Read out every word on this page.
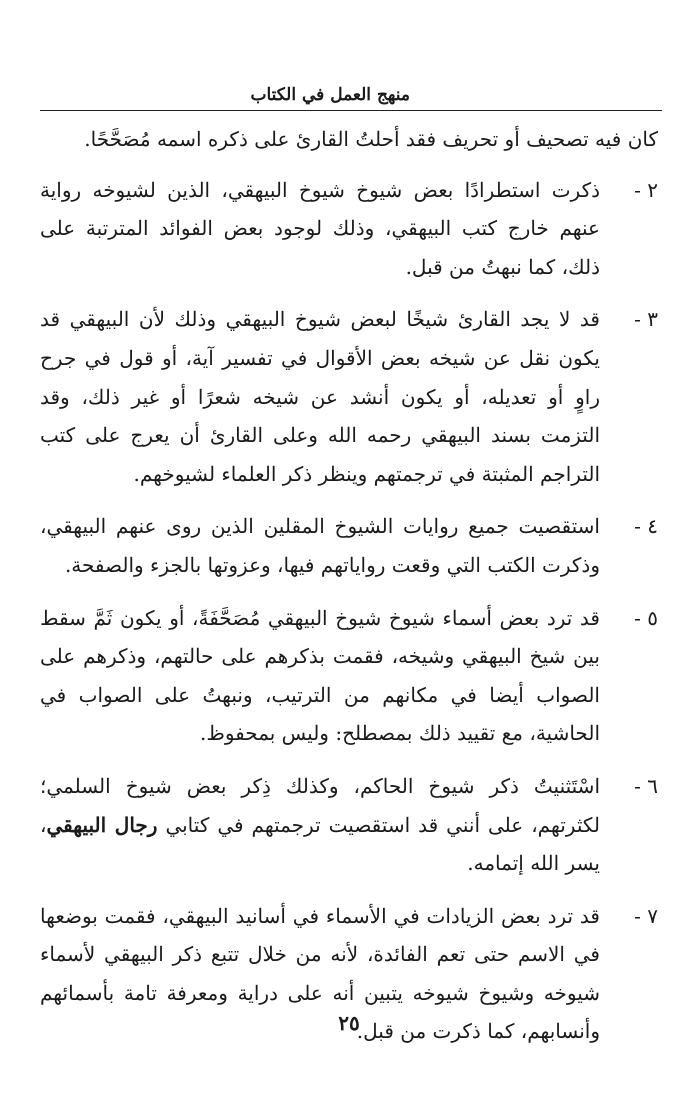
منهج العمل في الكتاب

كان فيه تصحيف أو تحريف فقد أحلتُ القارئ على ذكره اسمه مُصَحَّحًا.

٢ -
ذكرت استطرادًا بعض شيوخ شيوخ البيهقي، الذين لشيوخه رواية عنهم خارج كتب البيهقي، وذلك لوجود بعض الفوائد المترتبة على ذلك، كما نبهتُ من قبل.
٣ -
قد لا يجد القارئ شيخًا لبعض شيوخ البيهقي وذلك لأن البيهقي قد يكون نقل عن شيخه بعض الأقوال في تفسير آية، أو قول في جرح راوٍ أو تعديله، أو يكون أنشد عن شيخه شعرًا أو غير ذلك، وقد التزمت بسند البيهقي رحمه الله وعلى القارئ أن يعرج على كتب التراجم المثبتة في ترجمتهم وينظر ذكر العلماء لشيوخهم.
٤ -
استقصيت جميع روايات الشيوخ المقلين الذين روى عنهم البيهقي، وذكرت الكتب التي وقعت رواياتهم فيها، وعزوتها بالجزء والصفحة.
٥ -
قد ترد بعض أسماء شيوخ شيوخ البيهقي مُصَحَّفَةً، أو يكون ثَمَّ سقط بين شيخ البيهقي وشيخه، فقمت بذكرهم على حالتهم، وذكرهم على الصواب أيضا في مكانهم من الترتيب، ونبهتُ على الصواب في الحاشية، مع تقييد ذلك بمصطلح: وليس بمحفوظ.
٦ -
اسْتَثنيتُ ذكر شيوخ الحاكم، وكذلك ذِكر بعض شيوخ السلمي؛ لكثرتهم، على أنني قد استقصيت ترجمتهم في كتابي رجال البيهقي، يسر الله إتمامه.
٧ -
قد ترد بعض الزيادات في الأسماء في أسانيد البيهقي، فقمت بوضعها في الاسم حتى تعم الفائدة، لأنه من خلال تتبع ذكر البيهقي لأسماء شيوخه وشيوخ شيوخه يتبين أنه على دراية ومعرفة تامة بأسمائهم وأنسابهم، كما ذكرت من قبل.
٢٥
